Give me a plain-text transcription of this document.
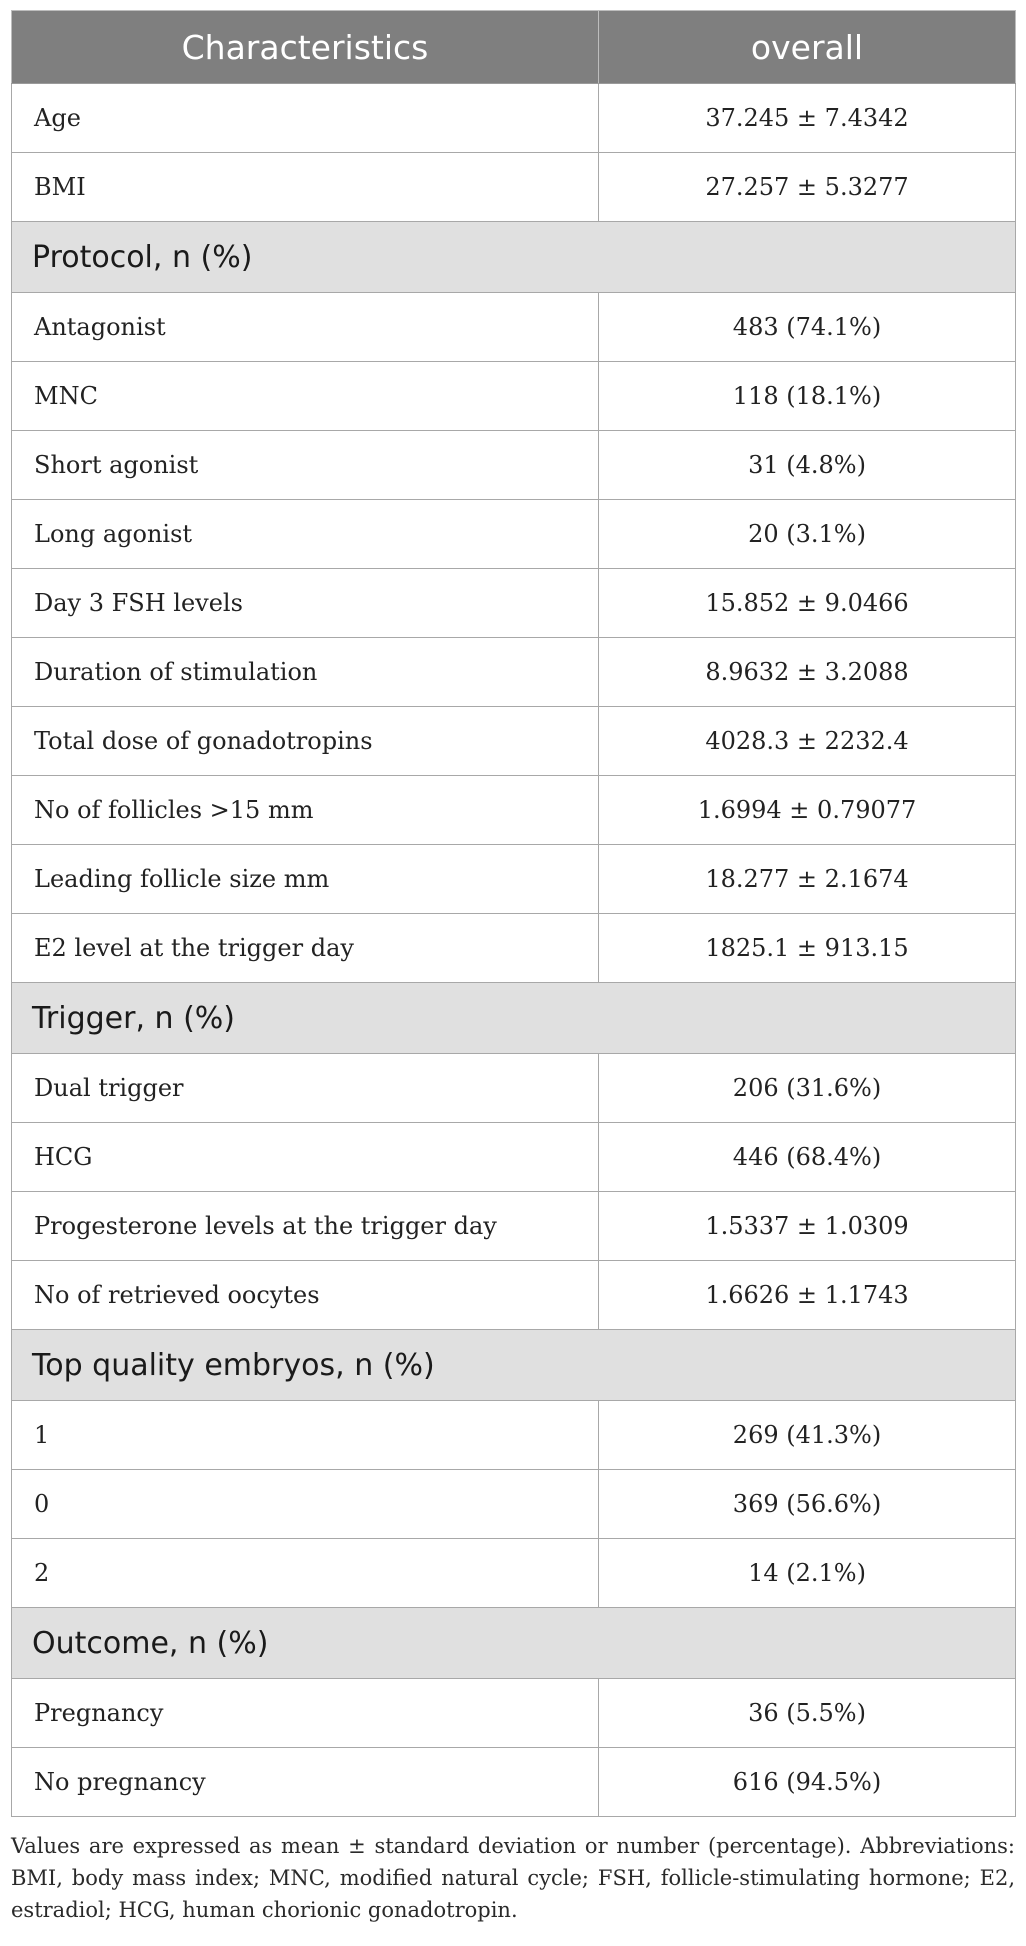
Characteristics	overall
Age	37.245 ± 7.4342
BMI	27.257 ± 5.3277
Protocol, n (%)	
Antagonist	483 (74.1%)
MNC	118 (18.1%)
Short agonist	31 (4.8%)
Long agonist	20 (3.1%)
Day 3 FSH levels	15.852 ± 9.0466
Duration of stimulation	8.9632 ± 3.2088
Total dose of gonadotropins	4028.3 ± 2232.4
No of follicles >15 mm	1.6994 ± 0.79077
Leading follicle size mm	18.277 ± 2.1674
E2 level at the trigger day	1825.1 ± 913.15
Trigger, n (%)	
Dual trigger	206 (31.6%)
HCG	446 (68.4%)
Progesterone levels at the trigger day	1.5337 ± 1.0309
No of retrieved oocytes	1.6626 ± 1.1743
Top quality embryos, n (%)	
1	269 (41.3%)
0	369 (56.6%)
2	14 (2.1%)
Outcome, n (%)	
Pregnancy	36 (5.5%)
No pregnancy	616 (94.5%)
Values are expressed as mean ± standard deviation or number (percentage). Abbreviations: BMI, body mass index; MNC, modified natural cycle; FSH, follicle-stimulating hormone; E2, estradiol; HCG, human chorionic gonadotropin.
